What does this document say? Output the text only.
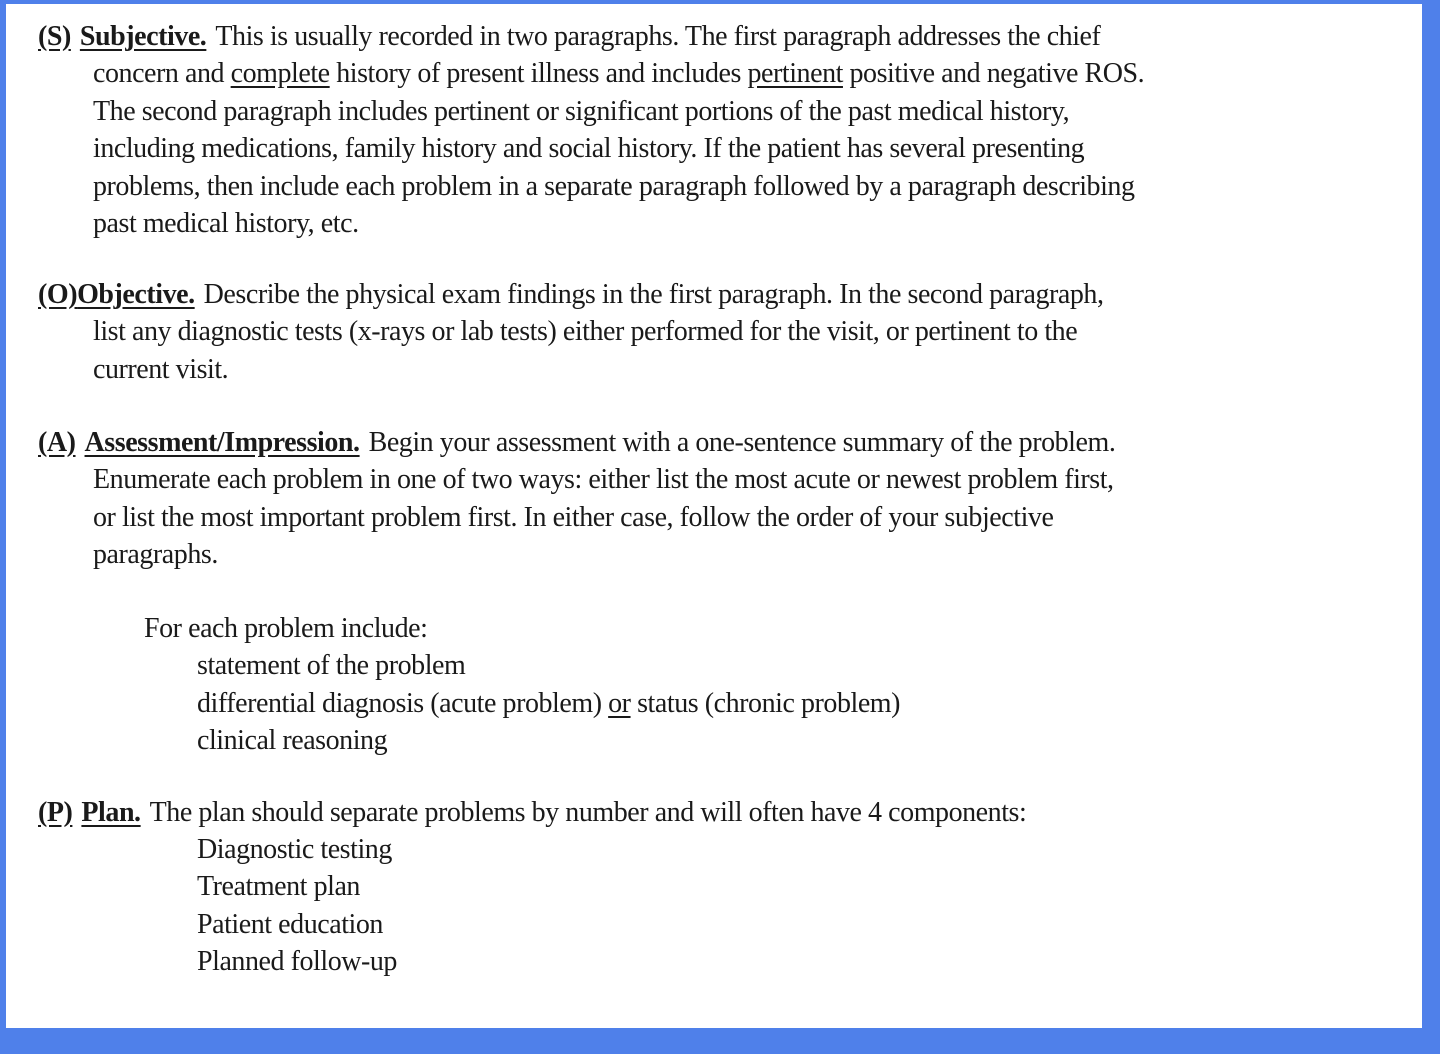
(S) Subjective. This is usually recorded in two paragraphs. The first paragraph addresses the chief
concern and complete history of present illness and includes pertinent positive and negative ROS.
The second paragraph includes pertinent or significant portions of the past medical history,
including medications, family history and social history. If the patient has several presenting
problems, then include each problem in a separate paragraph followed by a paragraph describing
past medical history, etc.
(O)Objective. Describe the physical exam findings in the first paragraph. In the second paragraph,
list any diagnostic tests (x-rays or lab tests) either performed for the visit, or pertinent to the
current visit.
(A) Assessment/Impression. Begin your assessment with a one-sentence summary of the problem.
Enumerate each problem in one of two ways: either list the most acute or newest problem first,
or list the most important problem first. In either case, follow the order of your subjective
paragraphs.
For each problem include:
statement of the problem
differential diagnosis (acute problem) or status (chronic problem)
clinical reasoning
(P) Plan. The plan should separate problems by number and will often have 4 components:
Diagnostic testing
Treatment plan
Patient education
Planned follow-up
